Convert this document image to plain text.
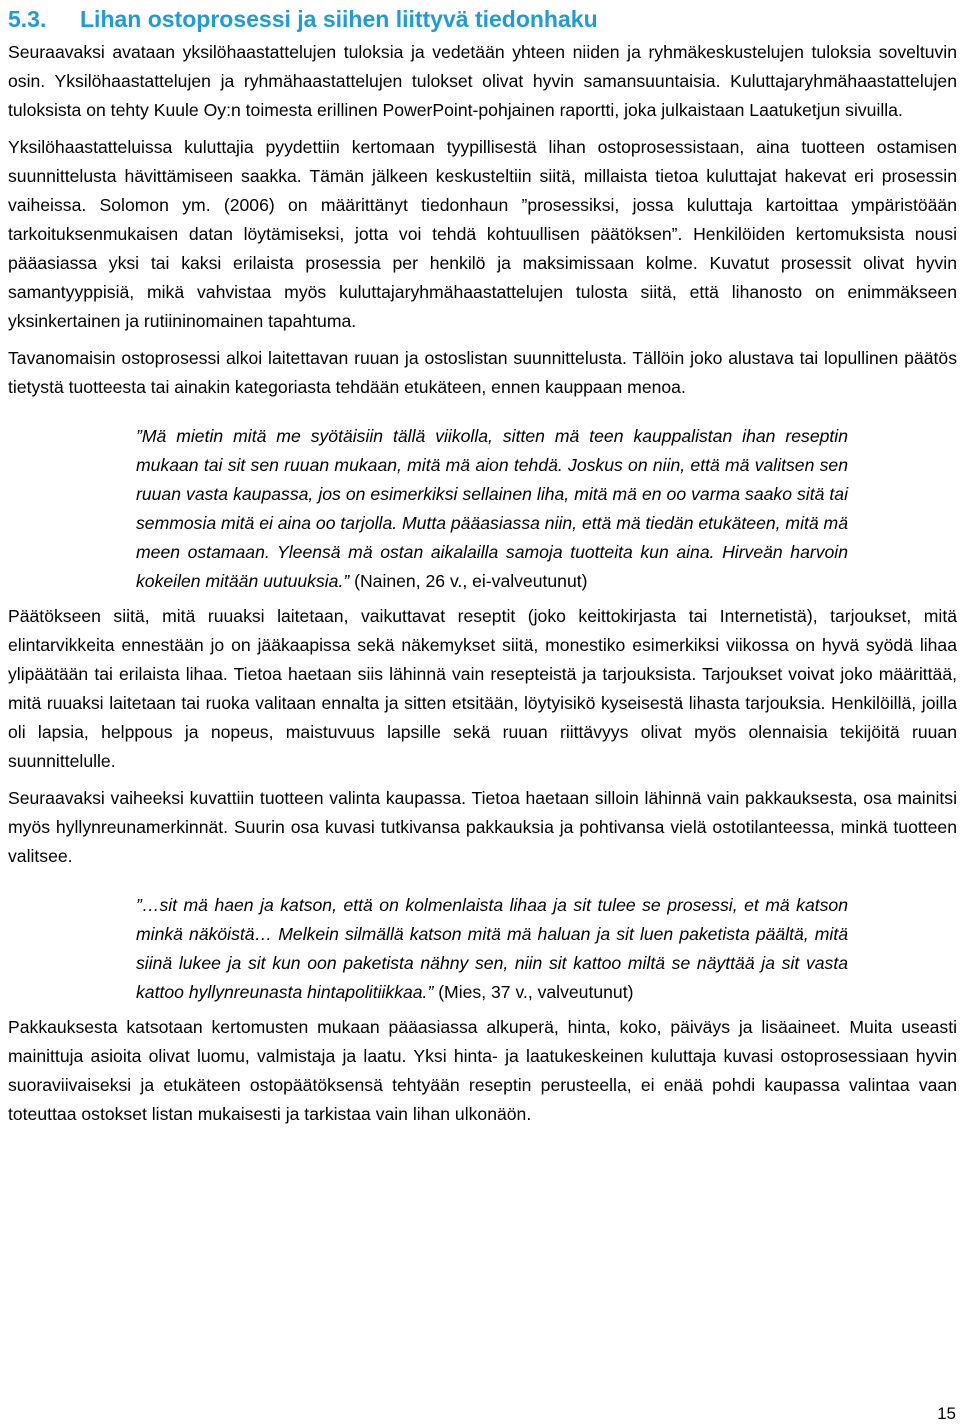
5.3. Lihan ostoprosessi ja siihen liittyvä tiedonhaku

Seuraavaksi avataan yksilöhaastattelujen tuloksia ja vedetään yhteen niiden ja ryhmäkeskustelujen tuloksia soveltuvin osin. Yksilöhaastattelujen ja ryhmähaastattelujen tulokset olivat hyvin samansuuntaisia. Kuluttajaryhmähaastattelujen tuloksista on tehty Kuule Oy:n toimesta erillinen PowerPoint-pohjainen raportti, joka julkaistaan Laatuketjun sivuilla.

Yksilöhaastatteluissa kuluttajia pyydettiin kertomaan tyypillisestä lihan ostoprosessistaan, aina tuotteen ostamisen suunnittelusta hävittämiseen saakka. Tämän jälkeen keskusteltiin siitä, millaista tietoa kuluttajat hakevat eri prosessin vaiheissa. Solomon ym. (2006) on määrittänyt tiedonhaun ”prosessiksi, jossa kuluttaja kartoittaa ympäristöään tarkoituksenmukaisen datan löytämiseksi, jotta voi tehdä kohtuullisen päätöksen”. Henkilöiden kertomuksista nousi pääasiassa yksi tai kaksi erilaista prosessia per henkilö ja maksimissaan kolme. Kuvatut prosessit olivat hyvin samantyyppisiä, mikä vahvistaa myös kuluttajaryhmähaastattelujen tulosta siitä, että lihanosto on enimmäkseen yksinkertainen ja rutiininomainen tapahtuma.

Tavanomaisin ostoprosessi alkoi laitettavan ruuan ja ostoslistan suunnittelusta. Tällöin joko alustava tai lopullinen päätös tietystä tuotteesta tai ainakin kategoriasta tehdään etukäteen, ennen kauppaan menoa.

”Mä mietin mitä me syötäisiin tällä viikolla, sitten mä teen kauppalistan ihan reseptin mukaan tai sit sen ruuan mukaan, mitä mä aion tehdä. Joskus on niin, että mä valitsen sen ruuan vasta kaupassa, jos on esimerkiksi sellainen liha, mitä mä en oo varma saako sitä tai semmosia mitä ei aina oo tarjolla. Mutta pääasiassa niin, että mä tiedän etukäteen, mitä mä meen ostamaan. Yleensä mä ostan aikalailla samoja tuotteita kun aina. Hirveän harvoin kokeilen mitään uutuuksia.” (Nainen, 26 v., ei-valveutunut)

Päätökseen siitä, mitä ruuaksi laitetaan, vaikuttavat reseptit (joko keittokirjasta tai Internetistä), tarjoukset, mitä elintarvikkeita ennestään jo on jääkaapissa sekä näkemykset siitä, monestiko esimerkiksi viikossa on hyvä syödä lihaa ylipäätään tai erilaista lihaa. Tietoa haetaan siis lähinnä vain resepteistä ja tarjouksista. Tarjoukset voivat joko määrittää, mitä ruuaksi laitetaan tai ruoka valitaan ennalta ja sitten etsitään, löytyisikö kyseisestä lihasta tarjouksia. Henkilöillä, joilla oli lapsia, helppous ja nopeus, maistuvuus lapsille sekä ruuan riittävyys olivat myös olennaisia tekijöitä ruuan suunnittelulle.

Seuraavaksi vaiheeksi kuvattiin tuotteen valinta kaupassa. Tietoa haetaan silloin lähinnä vain pakkauksesta, osa mainitsi myös hyllynreunamerkinnät. Suurin osa kuvasi tutkivansa pakkauksia ja pohtivansa vielä ostotilanteessa, minkä tuotteen valitsee.

”…sit mä haen ja katson, että on kolmenlaista lihaa ja sit tulee se prosessi, et mä katson minkä näköistä… Melkein silmällä katson mitä mä haluan ja sit luen paketista päältä, mitä siinä lukee ja sit kun oon paketista nähny sen, niin sit kattoo miltä se näyttää ja sit vasta kattoo hyllynreunasta hintapolitiikkaa.” (Mies, 37 v., valveutunut)

Pakkauksesta katsotaan kertomusten mukaan pääasiassa alkuperä, hinta, koko, päiväys ja lisäaineet. Muita useasti mainittuja asioita olivat luomu, valmistaja ja laatu. Yksi hinta- ja laatukeskeinen kuluttaja kuvasi ostoprosessiaan hyvin suoraviivaiseksi ja etukäteen ostopäätöksensä tehtyään reseptin perusteella, ei enää pohdi kaupassa valintaa vaan toteuttaa ostokset listan mukaisesti ja tarkistaa vain lihan ulkonäön.

15
